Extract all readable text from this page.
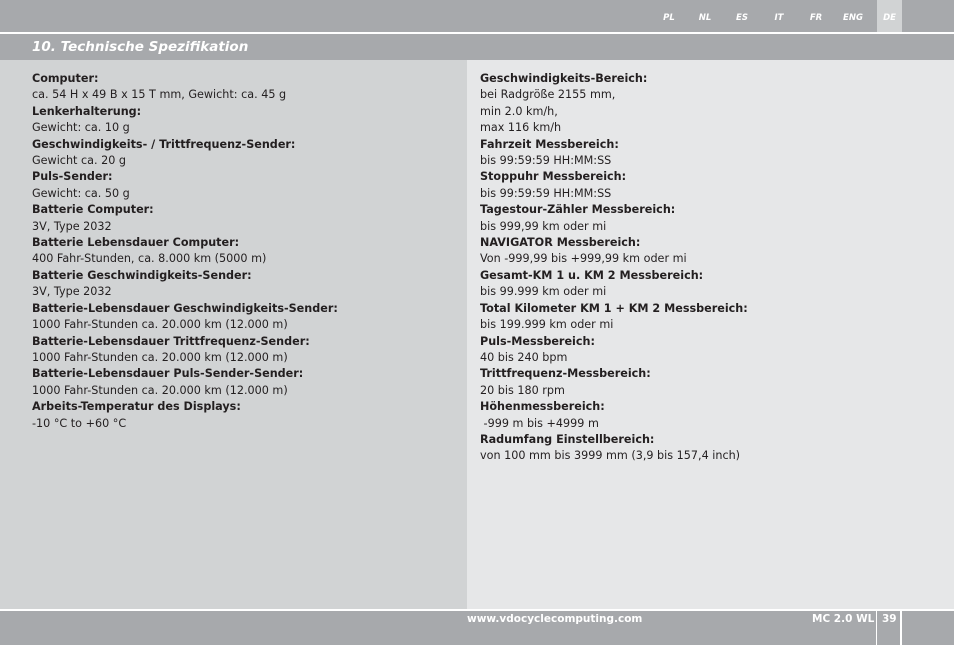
PL	NL	ES	IT	FR	ENG	DE
10. Technische Spezifikation
Computer:
ca. 54 H x 49 B x 15 T mm, Gewicht: ca. 45 g
Lenkerhalterung:
Gewicht: ca. 10 g
Geschwindigkeits- / Trittfrequenz-Sender:
Gewicht ca. 20 g
Puls-Sender:
Gewicht: ca. 50 g
Batterie Computer:
3V, Type 2032
Batterie Lebensdauer Computer:
400 Fahr-Stunden, ca. 8.000 km (5000 m)
Batterie Geschwindigkeits-Sender:
3V, Type 2032
Batterie-Lebensdauer Geschwindigkeits-Sender:
1000 Fahr-Stunden ca. 20.000 km (12.000 m)
Batterie-Lebensdauer Trittfrequenz-Sender:
1000 Fahr-Stunden ca. 20.000 km (12.000 m)
Batterie-Lebensdauer Puls-Sender-Sender:
1000 Fahr-Stunden ca. 20.000 km (12.000 m)
Arbeits-Temperatur des Displays:
-10 °C to +60 °C
Geschwindigkeits-Bereich:
bei Radgröße 2155 mm,
min 2.0 km/h,
max 116 km/h
Fahrzeit Messbereich:
bis 99:59:59 HH:MM:SS
Stoppuhr Messbereich:
bis 99:59:59 HH:MM:SS
Tagestour-Zähler Messbereich:
bis 999,99 km oder mi
NAVIGATOR Messbereich:
Von -999,99 bis +999,99 km oder mi
Gesamt-KM 1 u. KM 2 Messbereich:
bis 99.999 km oder mi
Total Kilometer KM 1 + KM 2 Messbereich:
bis 199.999 km oder mi
Puls-Messbereich:
40 bis 240 bpm
Trittfrequenz-Messbereich:
20 bis 180 rpm
Höhenmessbereich:
-999 m bis +4999 m
Radumfang Einstellbereich:
von 100 mm bis 3999 mm (3,9 bis 157,4 inch)
www.vdocyclecomputing.com	MC 2.0 WL 39
